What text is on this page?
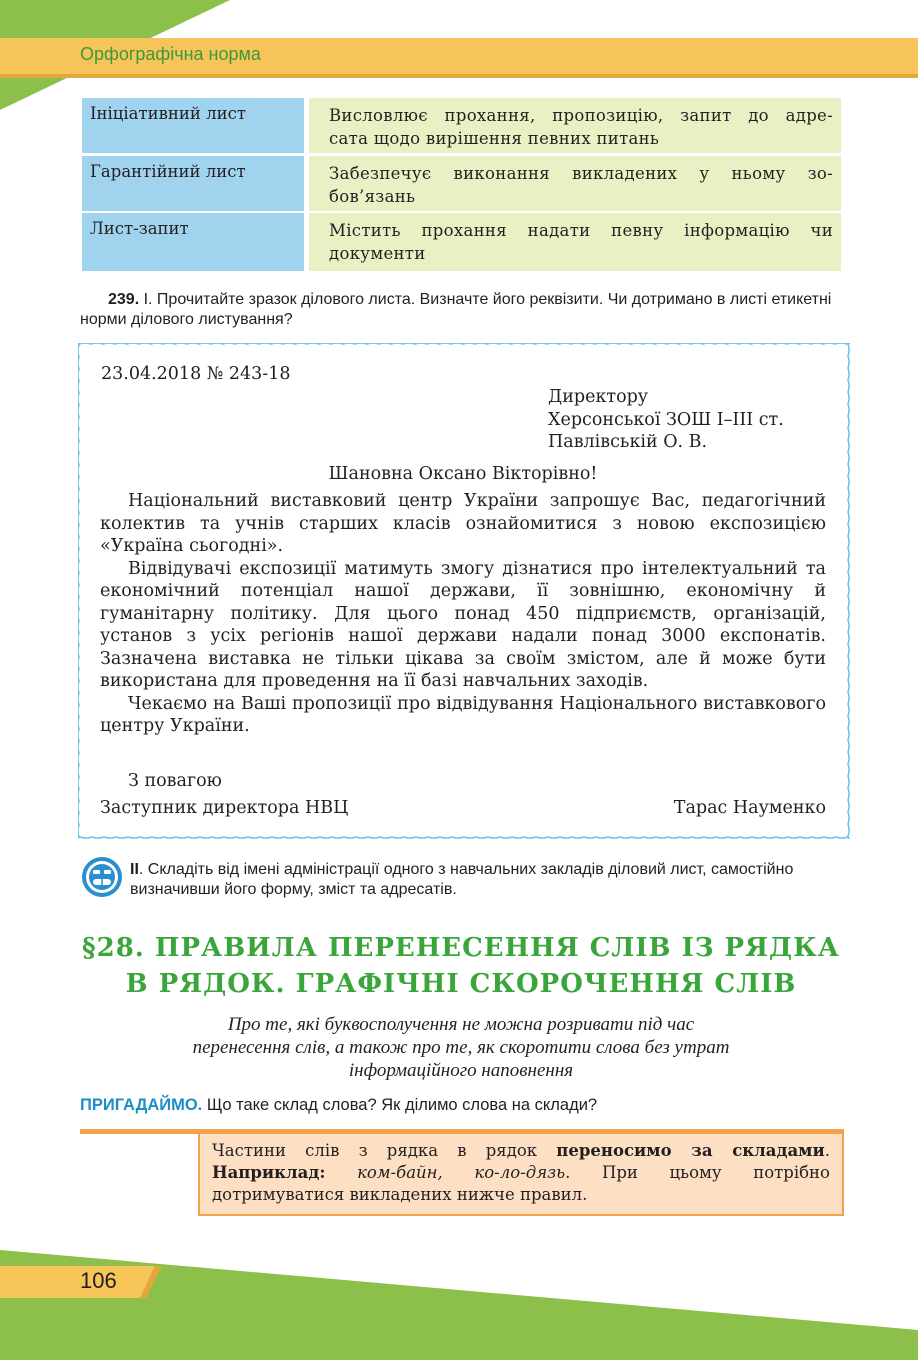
Орфографічна норма
Ініціативний лист	Висловлює прохання, пропозицію, запит до адре-
сата щодо вирішення певних питань
Гарантійний лист	Забезпечує виконання викладених у ньому зо-
бов’язань
Лист-запит	Містить прохання надати певну інформацію чи
документи
239. І. Прочитайте зразок ділового листа. Визначте його реквізити. Чи дотримано в листі етикетні норми ділового листування?
23.04.2018 № 243-18
Директору
Херсонської ЗОШ І–ІІІ ст.
Павлівській О. В.
Шановна Оксано Вікторівно!

Національний виставковий центр України запрошує Вас, педагогічний колектив та учнів старших класів ознайомитися з новою експозицією «Україна сьогодні».

Відвідувачі експозиції матимуть змогу дізнатися про інтелектуальний та економічний потенціал нашої держави, її зовнішню, економічну й гуманітарну політику. Для цього понад 450 підприємств, організацій, установ з усіх регіонів нашої держави надали понад 3000 експонатів. Зазначена виставка не тільки цікава за своїм змістом, але й може бути використана для проведення на її базі навчальних заходів.

Чекаємо на Ваші пропозиції про відвідування Національного виставкового центру України.

З повагою
Заступник директора НВЦ	Тарас Науменко
ІІ. Складіть від імені адміністрації одного з навчальних закладів діловий лист, самостійно визначивши його форму, зміст та адресатів.
§28. ПРАВИЛА ПЕРЕНЕСЕННЯ СЛІВ ІЗ РЯДКА
В РЯДОК. ГРАФІЧНІ СКОРОЧЕННЯ СЛІВ
Про те, які буквосполучення не можна розривати під час
перенесення слів, а також про те, як скоротити слова без утрат
інформаційного наповнення
ПРИГАДАЙМО. Що таке склад слова? Як ділимо слова на склади?
Частини слів з рядка в рядок переносимо за складами. Наприклад: ком-байн, ко-ло-дязь. При цьому потрібно дотримуватися викладених нижче правил.
106
